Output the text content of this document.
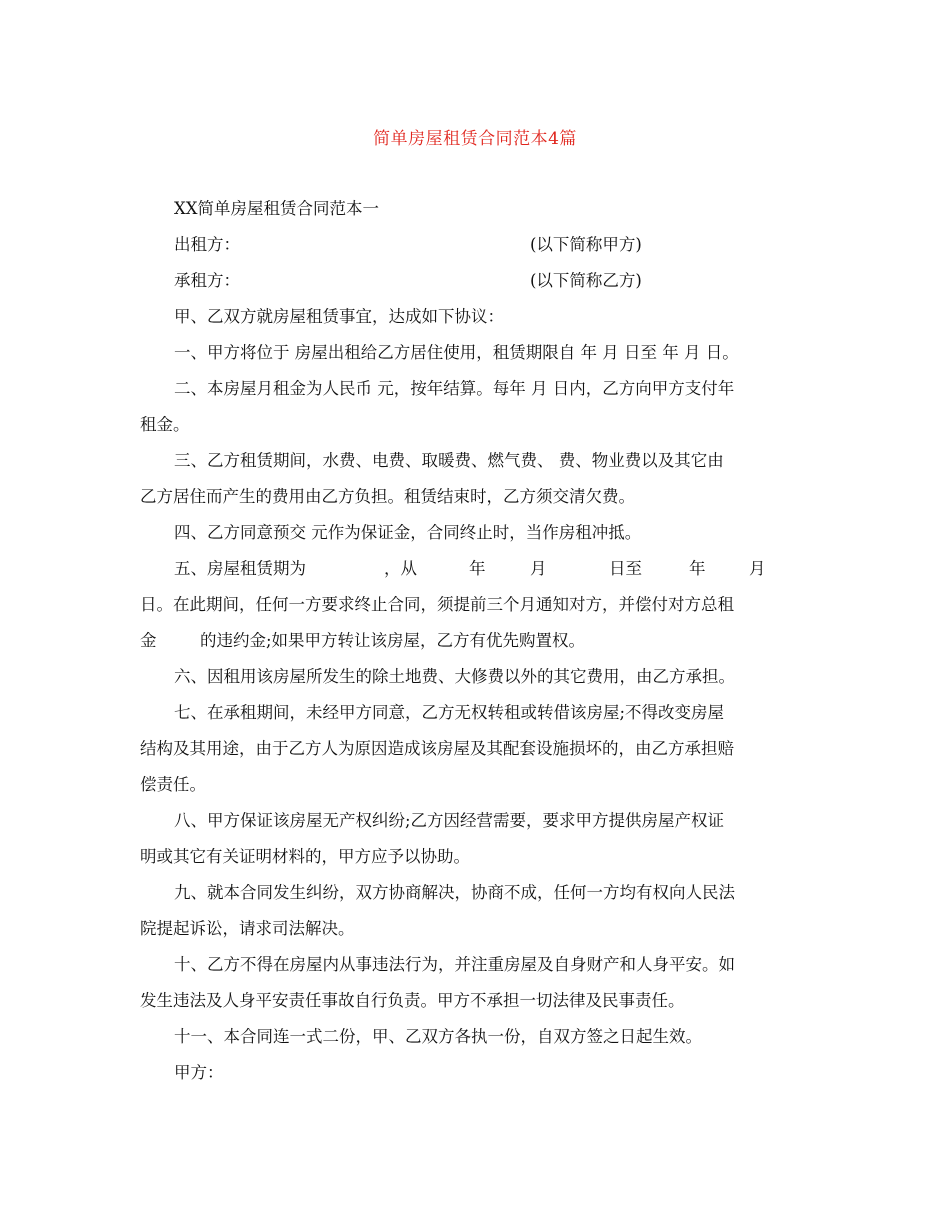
简单房屋租赁合同范本4篇
XX简单房屋租赁合同范本一
出租方：	(以下简称甲方)
承租方：	(以下简称乙方)
甲、乙双方就房屋租赁事宜，达成如下协议：
一、甲方将位于 房屋出租给乙方居住使用，租赁期限自 年 月 日至 年 月 日。
二、本房屋月租金为人民币 元，按年结算。每年 月 日内，乙方向甲方支付年
租金。
三、乙方租赁期间，水费、电费、取暖费、燃气费、 费、物业费以及其它由
乙方居住而产生的费用由乙方负担。租赁结束时，乙方须交清欠费。
四、乙方同意预交 元作为保证金，合同终止时，当作房租冲抵。
五、房屋租赁期为	，从	年	月	日至	年	月
日。在此期间，任何一方要求终止合同，须提前三个月通知对方，并偿付对方总租
金	的违约金;如果甲方转让该房屋，乙方有优先购置权。
六、因租用该房屋所发生的除土地费、大修费以外的其它费用，由乙方承担。
七、在承租期间，未经甲方同意，乙方无权转租或转借该房屋;不得改变房屋
结构及其用途，由于乙方人为原因造成该房屋及其配套设施损坏的，由乙方承担赔
偿责任。
八、甲方保证该房屋无产权纠纷;乙方因经营需要，要求甲方提供房屋产权证
明或其它有关证明材料的，甲方应予以协助。
九、就本合同发生纠纷，双方协商解决，协商不成，任何一方均有权向人民法
院提起诉讼，请求司法解决。
十、乙方不得在房屋内从事违法行为，并注重房屋及自身财产和人身平安。如
发生违法及人身平安责任事故自行负责。甲方不承担一切法律及民事责任。
十一、本合同连一式二份，甲、乙双方各执一份，自双方签之日起生效。
甲方：
